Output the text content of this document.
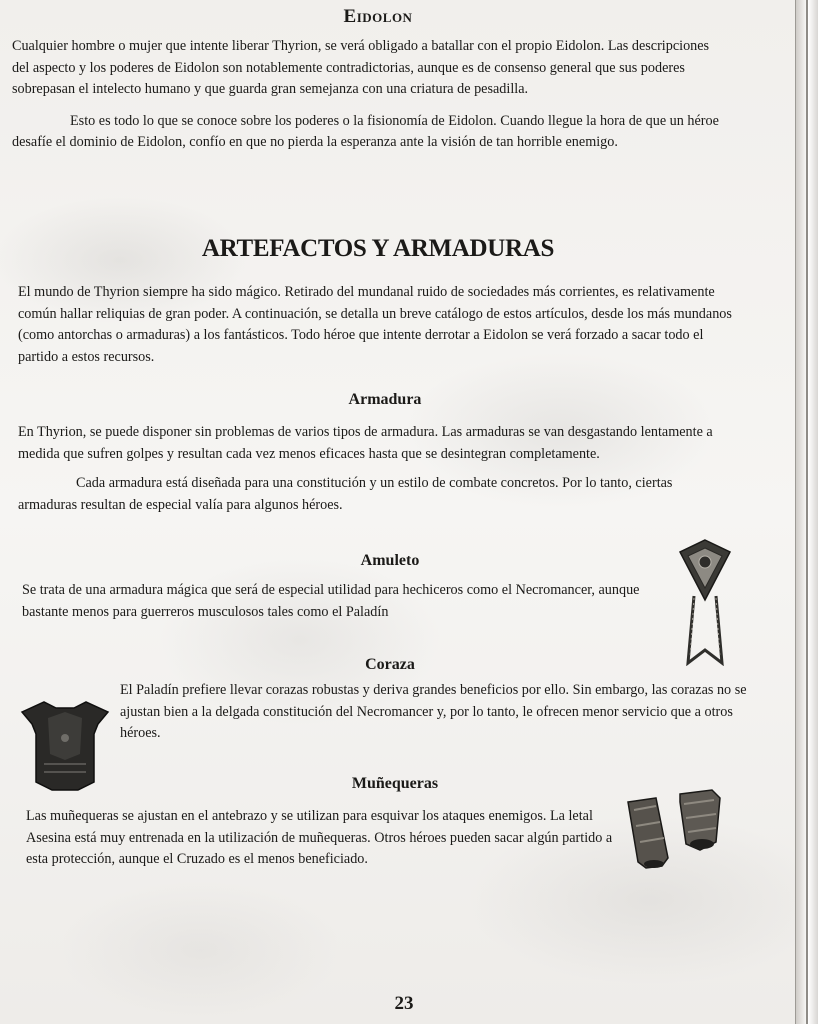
Eidolon

Cualquier hombre o mujer que intente liberar Thyrion, se verá obligado a batallar con el propio Eidolon. Las descripciones del aspecto y los poderes de Eidolon son notablemente contradictorias, aunque es de consenso general que sus poderes sobrepasan el intelecto humano y que guarda gran semejanza con una criatura de pesadilla.

Esto es todo lo que se conoce sobre los poderes o la fisionomía de Eidolon. Cuando llegue la hora de que un héroe desafíe el dominio de Eidolon, confío en que no pierda la esperanza ante la visión de tan horrible enemigo.

ARTEFACTOS Y ARMADURAS

El mundo de Thyrion siempre ha sido mágico. Retirado del mundanal ruido de sociedades más corrientes, es relativamente común hallar reliquias de gran poder. A continuación, se detalla un breve catálogo de estos artículos, desde los más mundanos (como antorchas o armaduras) a los fantásticos. Todo héroe que intente derrotar a Eidolon se verá forzado a sacar todo el partido a estos recursos.

Armadura

En Thyrion, se puede disponer sin problemas de varios tipos de armadura. Las armaduras se van desgastando lentamente a medida que sufren golpes y resultan cada vez menos eficaces hasta que se desintegran completamente.

Cada armadura está diseñada para una constitución y un estilo de combate concretos. Por lo tanto, ciertas armaduras resultan de especial valía para algunos héroes.

Amuleto

Se trata de una armadura mágica que será de especial utilidad para hechiceros como el Necromancer, aunque bastante menos para guerreros musculosos tales como el Paladín

Coraza

El Paladín prefiere llevar corazas robustas y deriva grandes beneficios por ello. Sin embargo, las corazas no se ajustan bien a la delgada constitución del Necromancer y, por lo tanto, le ofrecen menor servicio que a otros héroes.

Muñequeras

Las muñequeras se ajustan en el antebrazo y se utilizan para esquivar los ataques enemigos. La letal Asesina está muy entrenada en la utilización de muñequeras. Otros héroes pueden sacar algún partido a esta protección, aunque el Cruzado es el menos beneficiado.

23
